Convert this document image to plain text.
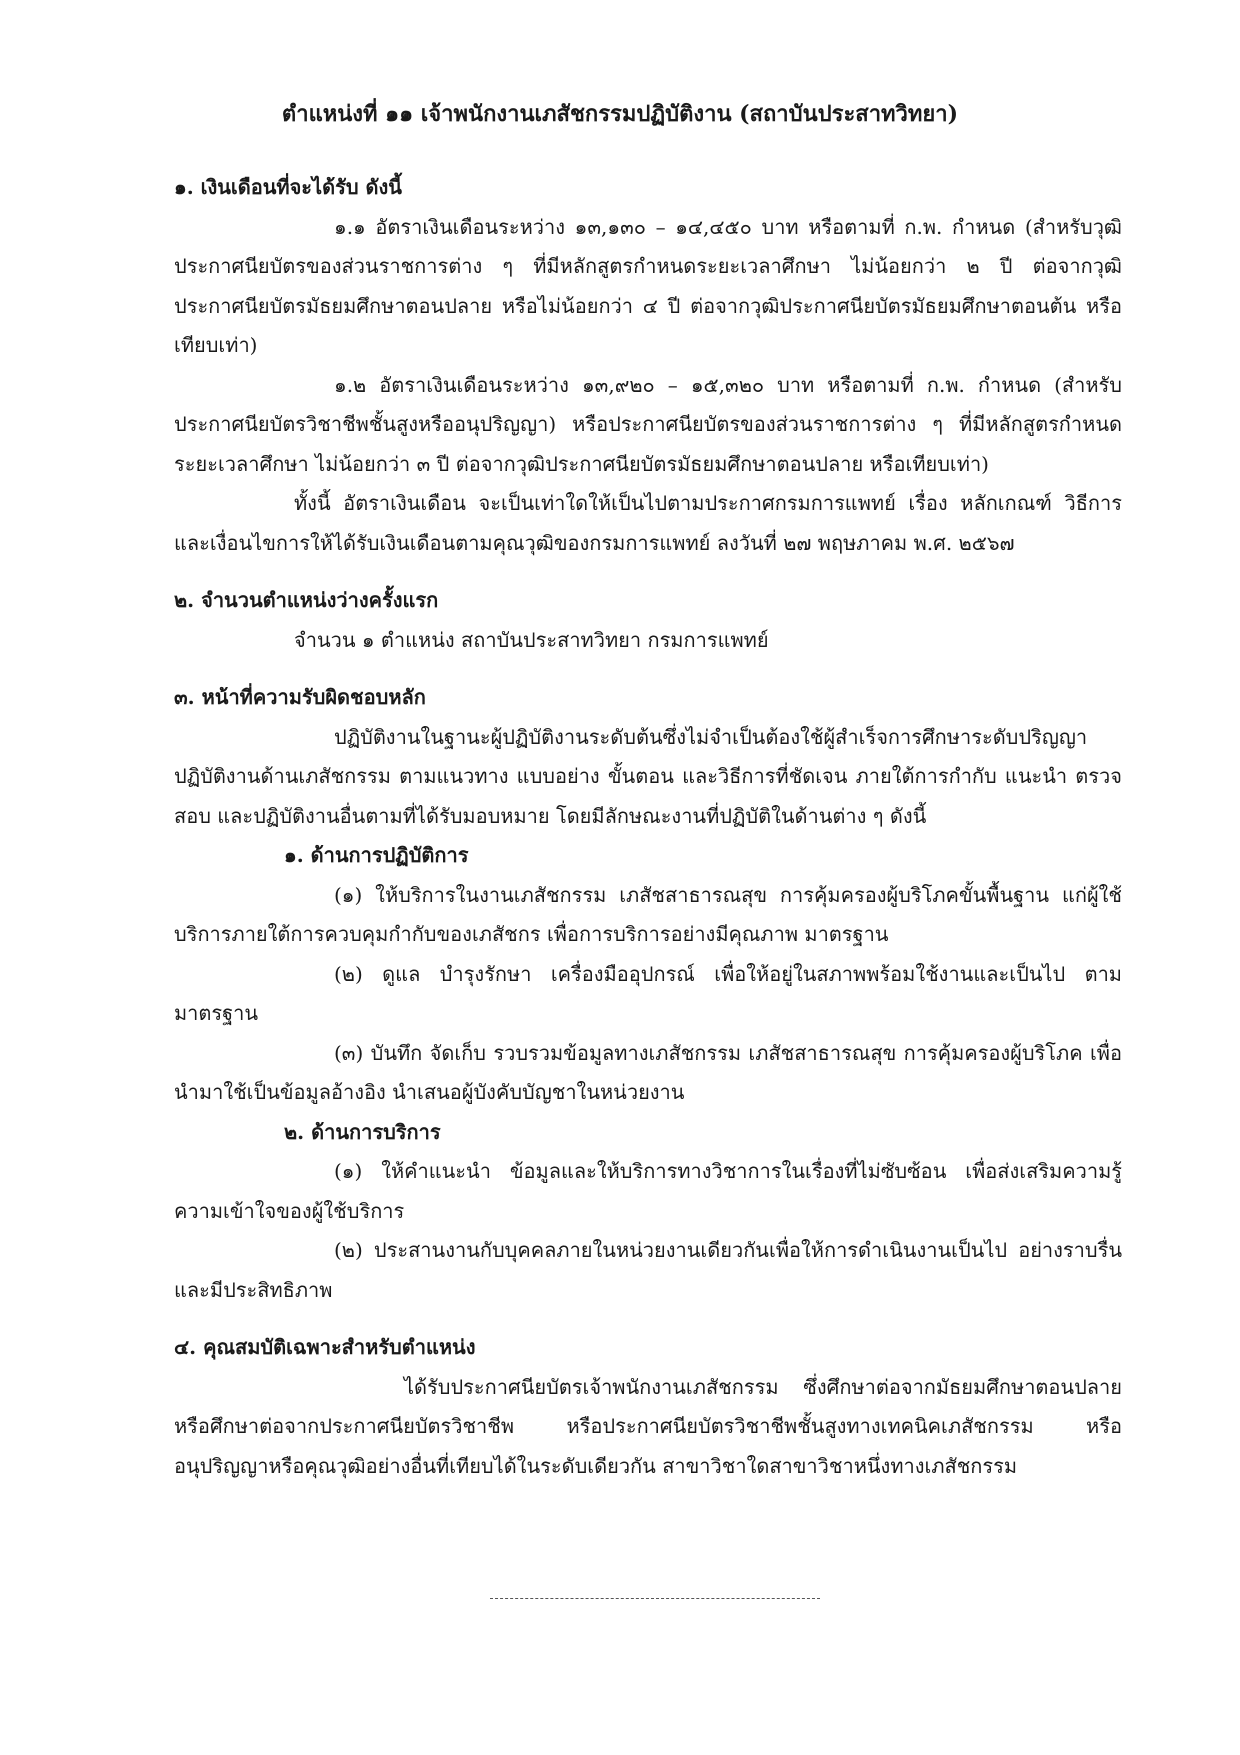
ตำแหน่งที่ ๑๑ เจ้าพนักงานเภสัชกรรมปฏิบัติงาน (สถาบันประสาทวิทยา)
๑. เงินเดือนที่จะได้รับ ดังนี้

๑.๑ อัตราเงินเดือนระหว่าง ๑๓,๑๓๐ – ๑๔,๔๕๐ บาท หรือตามที่ ก.พ. กำหนด (สำหรับวุฒิประกาศนียบัตรของส่วนราชการต่าง ๆ ที่มีหลักสูตรกำหนดระยะเวลาศึกษา ไม่น้อยกว่า ๒ ปี ต่อจากวุฒิประกาศนียบัตรมัธยมศึกษาตอนปลาย หรือไม่น้อยกว่า ๔ ปี ต่อจากวุฒิประกาศนียบัตรมัธยมศึกษาตอนต้น หรือเทียบเท่า)

๑.๒ อัตราเงินเดือนระหว่าง ๑๓,๙๒๐ – ๑๕,๓๒๐ บาท หรือตามที่ ก.พ. กำหนด (สำหรับประกาศนียบัตรวิชาชีพชั้นสูงหรืออนุปริญญา) หรือประกาศนียบัตรของส่วนราชการต่าง ๆ ที่มีหลักสูตรกำหนดระยะเวลาศึกษา ไม่น้อยกว่า ๓ ปี ต่อจากวุฒิประกาศนียบัตรมัธยมศึกษาตอนปลาย หรือเทียบเท่า)

ทั้งนี้ อัตราเงินเดือน จะเป็นเท่าใดให้เป็นไปตามประกาศกรมการแพทย์ เรื่อง หลักเกณฑ์ วิธีการ และเงื่อนไขการให้ได้รับเงินเดือนตามคุณวุฒิของกรมการแพทย์ ลงวันที่ ๒๗ พฤษภาคม พ.ศ. ๒๕๖๗

๒. จำนวนตำแหน่งว่างครั้งแรก

จำนวน ๑ ตำแหน่ง สถาบันประสาทวิทยา กรมการแพทย์

๓. หน้าที่ความรับผิดชอบหลัก

ปฏิบัติงานในฐานะผู้ปฏิบัติงานระดับต้นซึ่งไม่จำเป็นต้องใช้ผู้สำเร็จการศึกษาระดับปริญญา ปฏิบัติงานด้านเภสัชกรรม ตามแนวทาง แบบอย่าง ขั้นตอน และวิธีการที่ชัดเจน ภายใต้การกำกับ แนะนำ ตรวจสอบ และปฏิบัติงานอื่นตามที่ได้รับมอบหมาย โดยมีลักษณะงานที่ปฏิบัติในด้านต่าง ๆ ดังนี้

๑. ด้านการปฏิบัติการ

(๑) ให้บริการในงานเภสัชกรรม เภสัชสาธารณสุข การคุ้มครองผู้บริโภคขั้นพื้นฐาน แก่ผู้ใช้บริการภายใต้การควบคุมกำกับของเภสัชกร เพื่อการบริการอย่างมีคุณภาพ มาตรฐาน

(๒) ดูแล บำรุงรักษา เครื่องมืออุปกรณ์ เพื่อให้อยู่ในสภาพพร้อมใช้งานและเป็นไป ตามมาตรฐาน

(๓) บันทึก จัดเก็บ รวบรวมข้อมูลทางเภสัชกรรม เภสัชสาธารณสุข การคุ้มครองผู้บริโภค เพื่อนำมาใช้เป็นข้อมูลอ้างอิง นำเสนอผู้บังคับบัญชาในหน่วยงาน

๒. ด้านการบริการ

(๑) ให้คำแนะนำ ข้อมูลและให้บริการทางวิชาการในเรื่องที่ไม่ซับซ้อน เพื่อส่งเสริมความรู้ ความเข้าใจของผู้ใช้บริการ

(๒) ประสานงานกับบุคคลภายในหน่วยงานเดียวกันเพื่อให้การดำเนินงานเป็นไป อย่างราบรื่นและมีประสิทธิภาพ

๔. คุณสมบัติเฉพาะสำหรับตำแหน่ง

ได้รับประกาศนียบัตรเจ้าพนักงานเภสัชกรรม ซึ่งศึกษาต่อจากมัธยมศึกษาตอนปลาย หรือศึกษาต่อจากประกาศนียบัตรวิชาชีพ หรือประกาศนียบัตรวิชาชีพชั้นสูงทางเทคนิคเภสัชกรรม หรืออนุปริญญาหรือคุณวุฒิอย่างอื่นที่เทียบได้ในระดับเดียวกัน สาขาวิชาใดสาขาวิชาหนึ่งทางเภสัชกรรม
